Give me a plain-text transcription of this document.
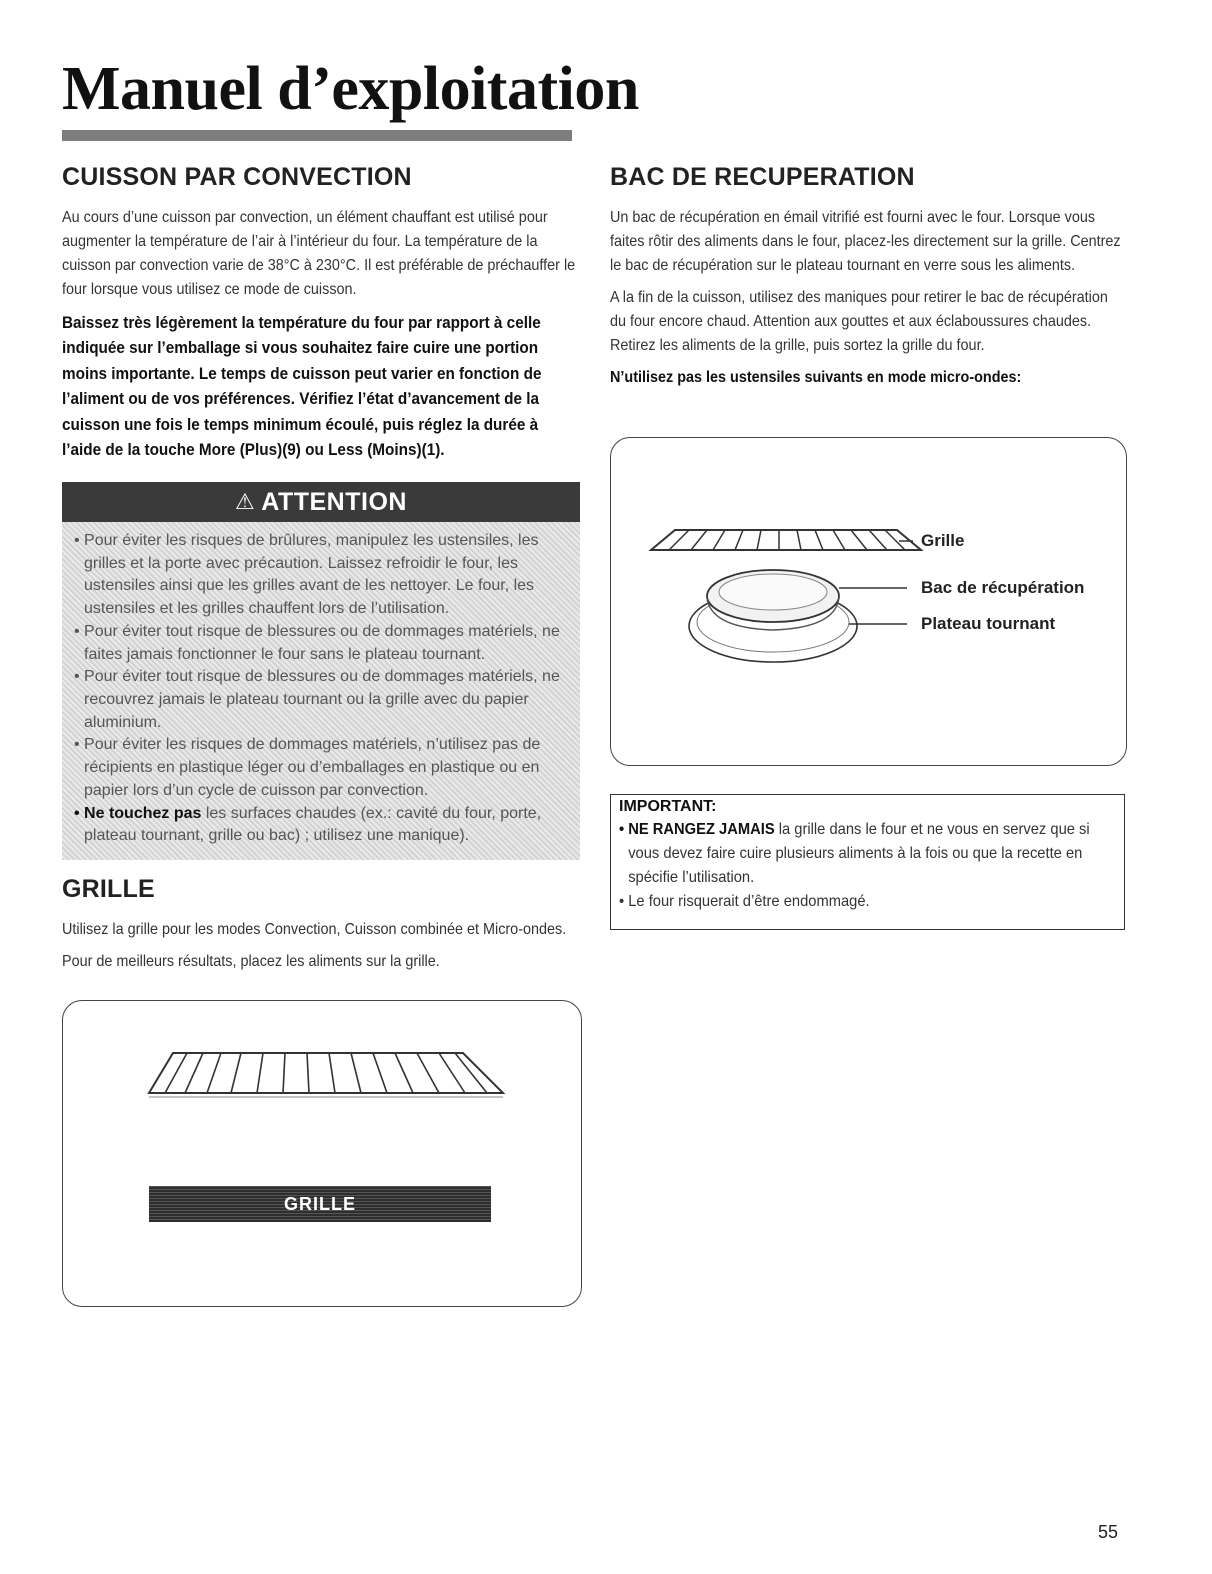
Manuel d’exploitation
CUISSON PAR CONVECTION

Au cours d’une cuisson par convection, un élément chauffant est utilisé pour augmenter la température de l’air à l’intérieur du four. La température de la cuisson par convection varie de 38°C à 230°C. Il est préférable de préchauffer le four lorsque vous utilisez ce mode de cuisson.

Baissez très légèrement la température du four par rapport à celle indiquée sur l’emballage si vous souhaitez faire cuire une portion moins importante. Le temps de cuisson peut varier en fonction de l’aliment ou de vos préférences. Vérifiez l’état d’avancement de la cuisson une fois le temps minimum écoulé, puis réglez la durée à l’aide de la touche More (Plus)(9) ou Less (Moins)(1).

⚠ ATTENTION
• Pour éviter les risques de brûlures, manipulez les ustensiles, les grilles et la porte avec précaution. Laissez refroidir le four, les ustensiles ainsi que les grilles avant de les nettoyer. Le four, les ustensiles et les grilles chauffent lors de l’utilisation.
• Pour éviter tout risque de blessures ou de dommages matériels, ne faites jamais fonctionner le four sans le plateau tournant.
• Pour éviter tout risque de blessures ou de dommages matériels, ne recouvrez jamais le plateau tournant ou la grille avec du papier aluminium.
• Pour éviter les risques de dommages matériels, n’utilisez pas de récipients en plastique léger ou d’emballages en plastique ou en papier lors d’un cycle de cuisson par convection.
• Ne touchez pas les surfaces chaudes (ex.: cavité du four, porte, plateau tournant, grille ou bac) ; utilisez une manique).
GRILLE

Utilisez la grille pour les modes Convection, Cuisson combinée et Micro-ondes.

Pour de meilleurs résultats, placez les aliments sur la grille.

GRILLE
BAC DE RECUPERATION

Un bac de récupération en émail vitrifié est fourni avec le four. Lorsque vous faites rôtir des aliments dans le four, placez-les directement sur la grille. Centrez le bac de récupération sur le plateau tournant en verre sous les aliments.

A la fin de la cuisson, utilisez des maniques pour retirer le bac de récupération du four encore chaud. Attention aux gouttes et aux éclaboussures chaudes. Retirez les aliments de la grille, puis sortez la grille du four.

N’utilisez pas les ustensiles suivants en mode micro-ondes:

Grille
Bac de récupération
Plateau tournant
IMPORTANT:
• NE RANGEZ JAMAIS la grille dans le four et ne vous en servez que si vous devez faire cuire plusieurs aliments à la fois ou que la recette en spécifie l’utilisation.
• Le four risquerait d’être endommagé.
55
